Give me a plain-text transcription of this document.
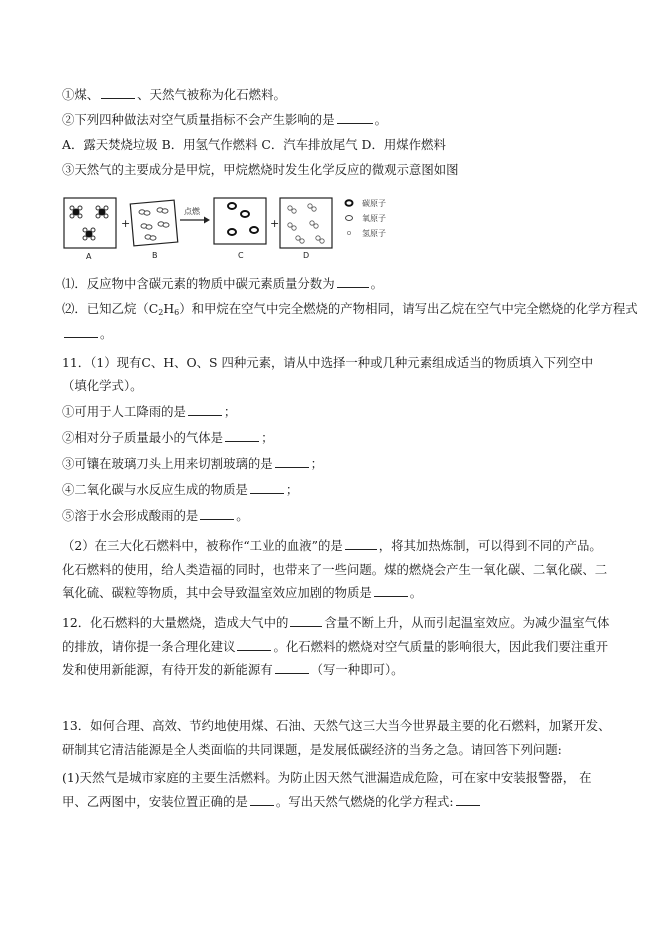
①煤、	、天然气被称为化石燃料。
②下列四种做法对空气质量指标不会产生影响的是	。
A．露天焚烧垃圾 B．用氢气作燃料 C．汽车排放尾气 D．用煤作燃料
③天然气的主要成分是甲烷，甲烷燃烧时发生化学反应的微观示意图如图
A
+
B
点燃
C
+
D
碳原子
氧原子
氢原子
⑴．反应物中含碳元素的物质中碳元素质量分数为	。
⑵．已知乙烷$(C_2H_6)$和甲烷在空气中完全燃烧的产物相同，请写出乙烷在空气中完全燃烧的化学方程式
。
11．（1）现有C、H、O、S 四种元素，请从中选择一种或几种元素组成适当的物质填入下列空中（填化学式）。
①可用于人工降雨的是	；
②相对分子质量最小的气体是	；
③可镶在玻璃刀头上用来切割玻璃的是	；
④二氧化碳与水反应生成的物质是	；
⑤溶于水会形成酸雨的是	。
（2）在三大化石燃料中，被称作“工业的血液”的是	，将其加热炼制，可以得到不同的产品。化石燃料的使用，给人类造福的同时，也带来了一些问题。煤的燃烧会产生一氧化碳、二氧化碳、二氧化硫、碳粒等物质，其中会导致温室效应加剧的物质是	。
12．化石燃料的大量燃烧，造成大气中的	含量不断上升，从而引起温室效应。为减少温室气体的排放，请你提一条合理化建议	。化石燃料的燃烧对空气质量的影响很大，因此我们要注重开发和使用新能源，有待开发的新能源有	（写一种即可）。
13．如何合理、高效、节约地使用煤、石油、天然气这三大当今世界最主要的化石燃料，加紧开发、研制其它清洁能源是全人类面临的共同课题，是发展低碳经济的当务之急。请回答下列问题:
(1)天然气是城市家庭的主要生活燃料。为防止因天然气泄漏造成危险，可在家中安装报警器， 在甲、乙两图中，安装位置正确的是 。写出天然气燃烧的化学方程式:
